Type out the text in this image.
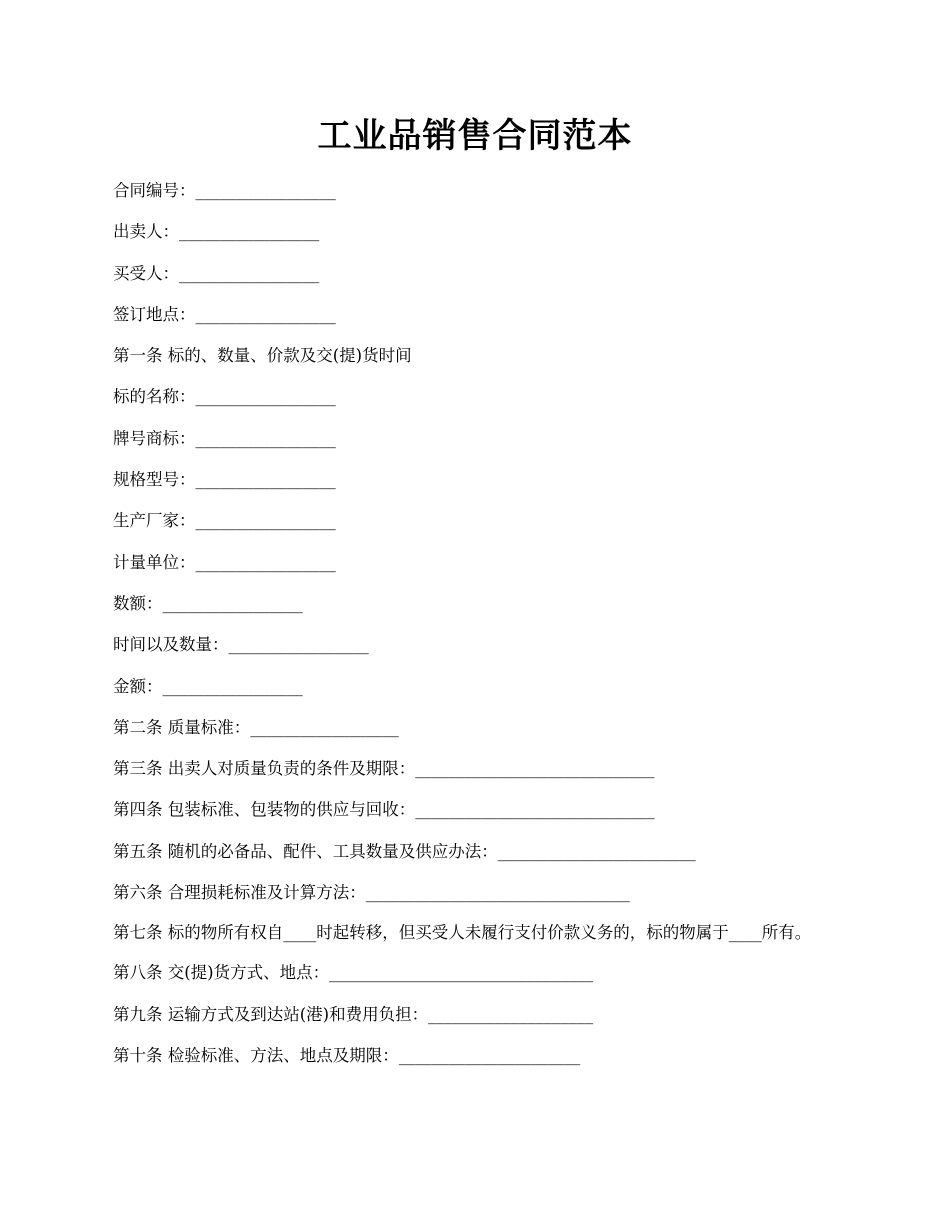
工业品销售合同范本

合同编号：_________________

出卖人：_________________

买受人：_________________

签订地点：_________________

第一条 标的、数量、价款及交(提)货时间

标的名称：_________________

牌号商标：_________________

规格型号：_________________

生产厂家：_________________

计量单位：_________________

数额：_________________

时间以及数量：_________________

金额：_________________

第二条 质量标准：__________________

第三条 出卖人对质量负责的条件及期限：_____________________________

第四条 包装标准、包装物的供应与回收：_____________________________

第五条 随机的必备品、配件、工具数量及供应办法：________________________

第六条 合理损耗标准及计算方法：________________________________

第七条 标的物所有权自____时起转移，但买受人未履行支付价款义务的，标的物属于____所有。

第八条 交(提)货方式、地点：________________________________

第九条 运输方式及到达站(港)和费用负担：____________________

第十条 检验标准、方法、地点及期限：______________________
